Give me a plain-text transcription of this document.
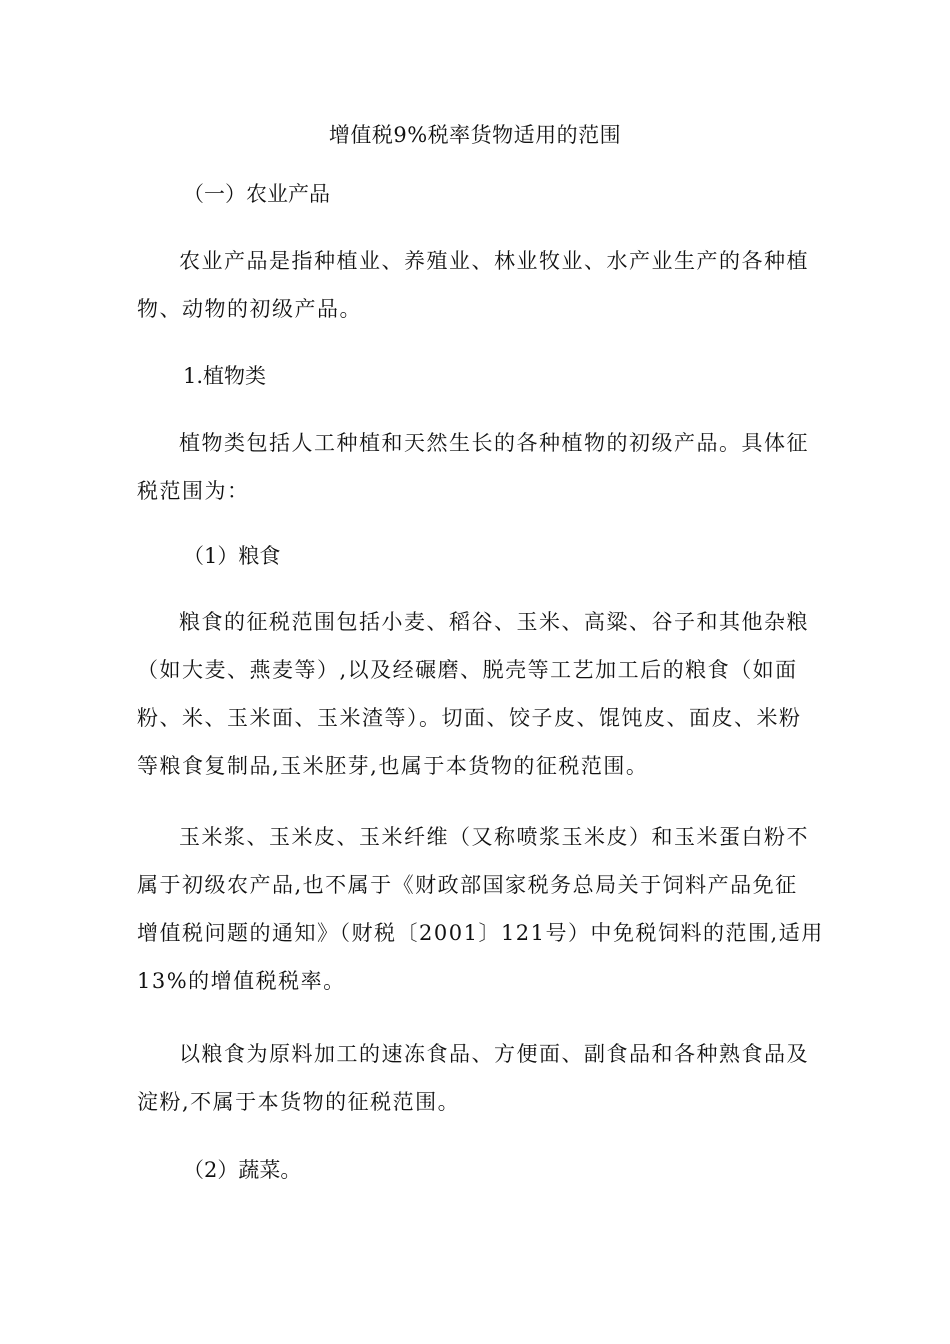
增值税9%税率货物适用的范围
（一）农业产品
农业产品是指种植业、养殖业、林业牧业、水产业生产的各种植
物、动物的初级产品。
1.植物类
植物类包括人工种植和天然生长的各种植物的初级产品。具体征
税范围为：
（1）粮食
粮食的征税范围包括小麦、稻谷、玉米、高粱、谷子和其他杂粮
（如大麦、燕麦等）,以及经碾磨、脱壳等工艺加工后的粮食（如面
粉、米、玉米面、玉米渣等）。切面、饺子皮、馄饨皮、面皮、米粉
等粮食复制品,玉米胚芽,也属于本货物的征税范围。
玉米浆、玉米皮、玉米纤维（又称喷浆玉米皮）和玉米蛋白粉不
属于初级农产品,也不属于《财政部国家税务总局关于饲料产品免征
增值税问题的通知》（财税〔2001〕121号）中免税饲料的范围,适用
13%的增值税税率。
以粮食为原料加工的速冻食品、方便面、副食品和各种熟食品及
淀粉,不属于本货物的征税范围。
（2）蔬菜。
